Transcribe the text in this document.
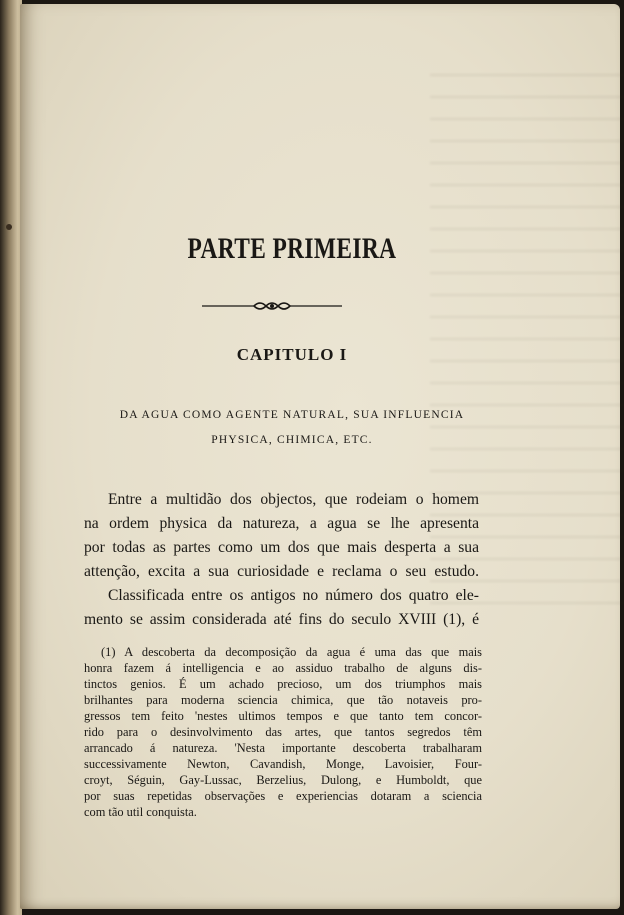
PARTE PRIMEIRA
CAPITULO I
DA AGUA COMO AGENTE NATURAL, SUA INFLUENCIA
PHYSICA, CHIMICA, ETC.
Entre a multidão dos objectos, que rodeiam o homem
na ordem physica da natureza, a agua se lhe apresenta
por todas as partes como um dos que mais desperta a sua
attenção, excita a sua curiosidade e reclama o seu estudo.
Classificada entre os antigos no número dos quatro ele-
mento se assim considerada até fins do seculo XVIII (1), é
(1) A descoberta da decomposição da agua é uma das que mais
honra fazem á intelligencia e ao assiduo trabalho de alguns dis-
tinctos genios. É um achado precioso, um dos triumphos mais
brilhantes para moderna sciencia chimica, que tão notaveis pro-
gressos tem feito 'nestes ultimos tempos e que tanto tem concor-
rido para o desinvolvimento das artes, que tantos segredos têm
arrancado á natureza. 'Nesta importante descoberta trabalharam
successivamente Newton, Cavandish, Monge, Lavoisier, Four-
croyt, Séguin, Gay-Lussac, Berzelius, Dulong, e Humboldt, que
por suas repetidas observações e experiencias dotaram a sciencia
com tão util conquista.
